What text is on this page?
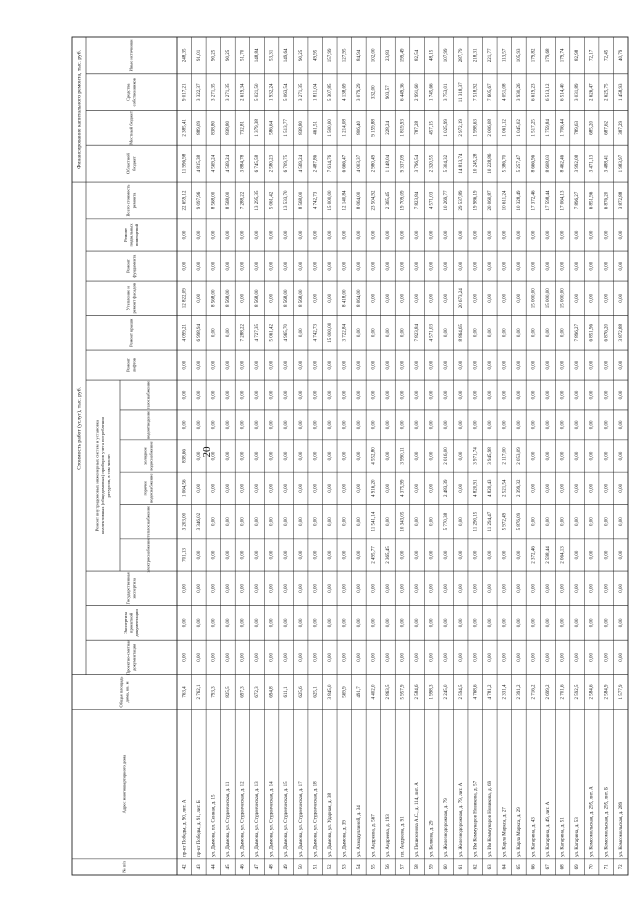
20
Стоимость работ (услуг), тыс. руб.
Финансирование капитального ремонта, тыс. руб.
Ремонт внутридомовых инженерных систем и установка коллективных (общедомовых) приборов учета потребления ресурсов, в том числе:
№ п/п
Адрес многоквартирного дома
Общая площадь дома, кв. м
Проектно-сметная документация
Экспертиза проектной документации
Государственная экспертиза
электроснабжение
теплоснабжение
горячее водоснабжение
холодное водоснабжение
водоотведение
газоснабжение
Ремонт лифтов
Ремонт крыши
Утепление и ремонт фасадов
Ремонт фундамента
Ремонт подвальных помещений
Всего стоимость ремонта
Областной бюджет
Местный бюджет
Средства собственников
Иные источники
42
пр-кт Победы, д. 90, лит. А
763,4
0,00
0,00
0,00
701,13
3 203,00
1 064,56
838,66
0,00
0,00
0,00
4 099,21
12 822,09
0,00
0,00
22 659,12
11 996,98
2 385,41
9 017,21
248,35
43
пр-кт Победы, д. 91, лит. Б
2 762,1
0,00
0,00
0,00
0,00
3 346,02
0,00
0,00
0,00
0,00
0,00
6 998,94
0,00
0,00
0,00
9 097,96
4 815,38
889,09
3 322,37
91,01
44
ул. Дымова, пл. Сенная, д. 15
793,3
0,00
0,00
0,00
0,00
0,00
0,00
0,00
0,00
0,00
0,00
0,00
8 568,00
0,00
0,00
8 568,00
4 569,24
838,80
3 271,35
90,25
45
ул. Дымова, ул. Студенческая, д. 11
825,5
0,00
0,00
0,00
0,00
0,00
0,00
0,00
0,00
0,00
0,00
0,00
8 568,00
0,00
0,00
8 568,00
4 569,24
838,80
3 271,35
90,25
46
ул. Дымова, ул. Студенческая, д. 12
697,3
0,00
0,00
0,00
0,00
0,00
0,00
0,00
0,00
0,00
0,00
7 288,22
0,00
0,00
0,00
7 288,22
3 884,78
732,81
2 619,34
51,70
47
ул. Дымова, ул. Студенческая, д. 13
672,3
0,00
0,00
0,00
0,00
0,00
0,00
0,00
0,00
0,00
0,00
4 727,35
8 568,00
0,00
0,00
13 295,35
6 745,58
1 379,38
5 021,50
148,84
48
ул. Дымова, ул. Студенческая, д. 14
694,8
0,00
0,00
0,00
0,00
0,00
0,00
0,00
0,00
0,00
0,00
5 061,42
0,00
0,00
0,00
5 061,42
2 580,23
586,64
1 932,24
53,31
49
ул. Дымова, ул. Студенческая, д. 15
611,1
0,00
0,00
0,00
0,00
0,00
0,00
0,00
0,00
0,00
0,00
4 965,70
8 568,00
0,00
0,00
13 533,70
6 709,75
1 513,77
5 063,54
149,64
50
ул. Дымова, ул. Студенческая, д. 17
625,6
0,00
0,00
0,00
0,00
0,00
0,00
0,00
0,00
0,00
0,00
0,00
8 568,00
0,00
0,00
8 568,00
4 569,24
838,80
3 271,35
90,25
51
ул. Дымова, ул. Студенческая, д. 18
625,1
0,00
0,00
0,00
0,00
0,00
0,00
0,00
0,00
0,00
0,00
4 742,73
0,00
0,00
0,00
4 742,73
2 487,86
461,51
1 811,04
49,95
52
ул. Дымова, ул. Ударная, д. 38
3 845,0
0,00
0,00
0,00
0,00
0,00
0,00
0,00
0,00
0,00
0,00
15 000,00
0,00
0,00
0,00
15 000,00
7 614,76
1 500,00
5 307,85
157,99
53
ул. Дымова, д. 39
569,9
0,00
0,00
0,00
0,00
0,00
0,00
0,00
0,00
0,00
0,00
3 722,84
8 418,00
0,00
0,00
12 140,84
6 666,47
1 214,08
4 138,69
127,95
54
ул. Ахмадуллиной, д. 34
491,7
0,00
0,00
0,00
0,00
0,00
0,00
0,00
0,00
0,00
0,00
0,00
8 064,00
0,00
0,00
8 064,00
4 003,37
806,40
3 079,29
84,94
55
ул. Андреева, д. 567
4 402,0
0,00
0,00
0,00
2 495,77
11 541,14
4 916,20
4 552,80
0,00
0,00
0,00
0,00
0,00
0,00
0,00
23 504,92
2 980,49
9 159,88
332,00
102,00
56
ул. Андреева, д. 193
2 863,5
0,00
0,00
0,00
2 365,45
0,00
0,00
0,00
0,00
0,00
0,00
0,00
0,00
0,00
0,00
2 365,45
1 148,04
228,24
903,57
23,83
57
пл. Андреева, д. 91
5 957,9
0,00
0,00
0,00
0,00
10 343,05
4 375,99
3 990,11
0,00
0,00
0,00
0,00
0,00
0,00
0,00
19 709,09
9 337,09
1 819,93
6 449,36
199,49
58
ул. Пешехонова А.С., д. 114, лит. А
2 584,6
0,00
0,00
0,00
0,00
0,00
0,00
0,00
0,00
0,00
0,00
7 823,84
0,00
0,00
0,00
7 823,84
3 796,54
787,28
2 991,60
82,54
59
ул. Беляева, д. 29
1 998,3
0,00
0,00
0,00
0,00
0,00
0,00
0,00
0,00
0,00
0,00
4 571,03
0,00
0,00
0,00
4 571,03
2 320,55
457,15
1 745,66
48,15
60
ул. Железнодорожная, д. 79
2 245,0
0,00
0,00
0,00
0,00
5 770,38
2 483,39
2 016,00
0,00
0,00
0,00
0,00
0,00
0,00
0,00
10 269,77
5 304,32
1 025,99
3 753,01
107,99
61
ул. Железнодорожная, д. 79, лит. А
2 594,5
0,00
0,00
0,00
0,00
0,00
0,00
0,00
0,00
0,00
0,00
8 864,65
20 673,24
0,00
0,00
29 537,89
14 813,74
2 972,19
11 318,37
287,79
62
ул. Им Коммунаров Новикова, д. 57
4 768,6
0,00
0,00
0,00
0,00
11 290,15
4 820,91
3 971,74
0,00
0,00
0,00
0,00
0,00
0,00
0,00
19 986,19
10 245,28
1 998,63
7 518,92
218,31
63
ул. Им Коммунаров Новикова, д. 69
4 781,2
0,00
0,00
0,00
0,00
11 294,47
4 820,43
3 945,98
0,00
0,00
0,00
0,00
0,00
0,00
0,00
20 060,87
10 228,86
2 006,08
7 605,67
221,77
64
ул. Карла Маркса, д. 27
2 331,4
0,00
0,00
0,00
0,00
5 972,49
2 521,54
2 117,00
0,00
0,00
0,00
0,00
0,00
0,00
0,00
10 611,24
5 386,70
1 061,12
4 051,08
113,57
65
ул. Карла Маркса, д. 29
2 391,2
0,00
0,00
0,00
0,00
5 876,09
2 399,32
2 053,09
0,00
0,00
0,00
0,00
0,00
0,00
0,00
10 328,49
5 257,47
1 045,02
3 930,26
105,93
66
ул. Кагарина, д. 43
2 716,2
0,00
0,00
0,00
2 372,46
0,00
0,00
0,00
0,00
0,00
0,00
0,00
15 000,00
0,00
0,00
17 372,46
8 666,96
1 517,25
6 619,23
179,82
67
ул. Кагарина, д. 49, лит. А
2 699,2
0,00
0,00
0,00
2 598,44
0,00
0,00
0,00
0,00
0,00
0,00
0,00
15 000,00
0,00
0,00
17 598,44
8 608,03
1 759,84
6 513,12
179,68
68
ул. Кагарина, д. 51
2 701,6
0,00
0,00
0,00
2 064,13
0,00
0,00
0,00
0,00
0,00
0,00
0,00
15 000,00
0,00
0,00
17 064,13
8 462,46
1 706,44
6 514,40
179,74
69
ул. Кагарина, д. 53
2 592,5
0,00
0,00
0,00
0,00
0,00
0,00
0,00
0,00
0,00
0,00
7 896,27
0,00
0,00
0,00
7 896,27
3 992,08
789,63
3 031,89
82,98
70
ул. Комсомольская, д. 295, лит. А
2 584,6
0,00
0,00
0,00
0,00
0,00
0,00
0,00
0,00
0,00
0,00
6 851,96
0,00
0,00
0,00
6 851,96
3 471,13
685,20
2 626,47
72,17
71
ул. Комсомольская, д. 295, лит. Б
2 584,9
0,00
0,00
0,00
0,00
0,00
0,00
0,00
0,00
0,00
0,00
6 876,20
0,00
0,00
0,00
6 876,20
3 488,41
687,62
2 625,75
72,45
72
ул. Комсомольская, д. 289
1 577,9
0,00
0,00
0,00
0,00
0,00
0,00
0,00
0,00
0,00
0,00
3 872,88
0,00
0,00
0,00
3 872,88
1 983,97
387,29
1 458,93
40,79
